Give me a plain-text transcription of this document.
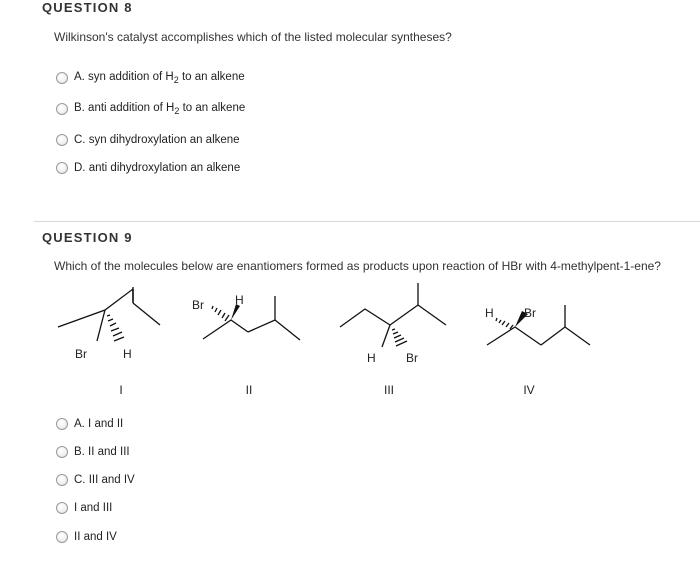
QUESTION 8
Wilkinson's catalyst accomplishes which of the listed molecular syntheses?
A. syn addition of $H_2$ to an alkene
B. anti addition of $H_2$ to an alkene
C. syn dihydroxylation an alkene
D. anti dihydroxylation an alkene
QUESTION 9
Which of the molecules below are enantiomers formed as products upon reaction of HBr with 4-methylpent-1-ene?
Br	H
Br	H
H	Br
H	Br
I	II	III	IV
A. I and II
B. II and III
C. III and IV
I and III
II and IV
